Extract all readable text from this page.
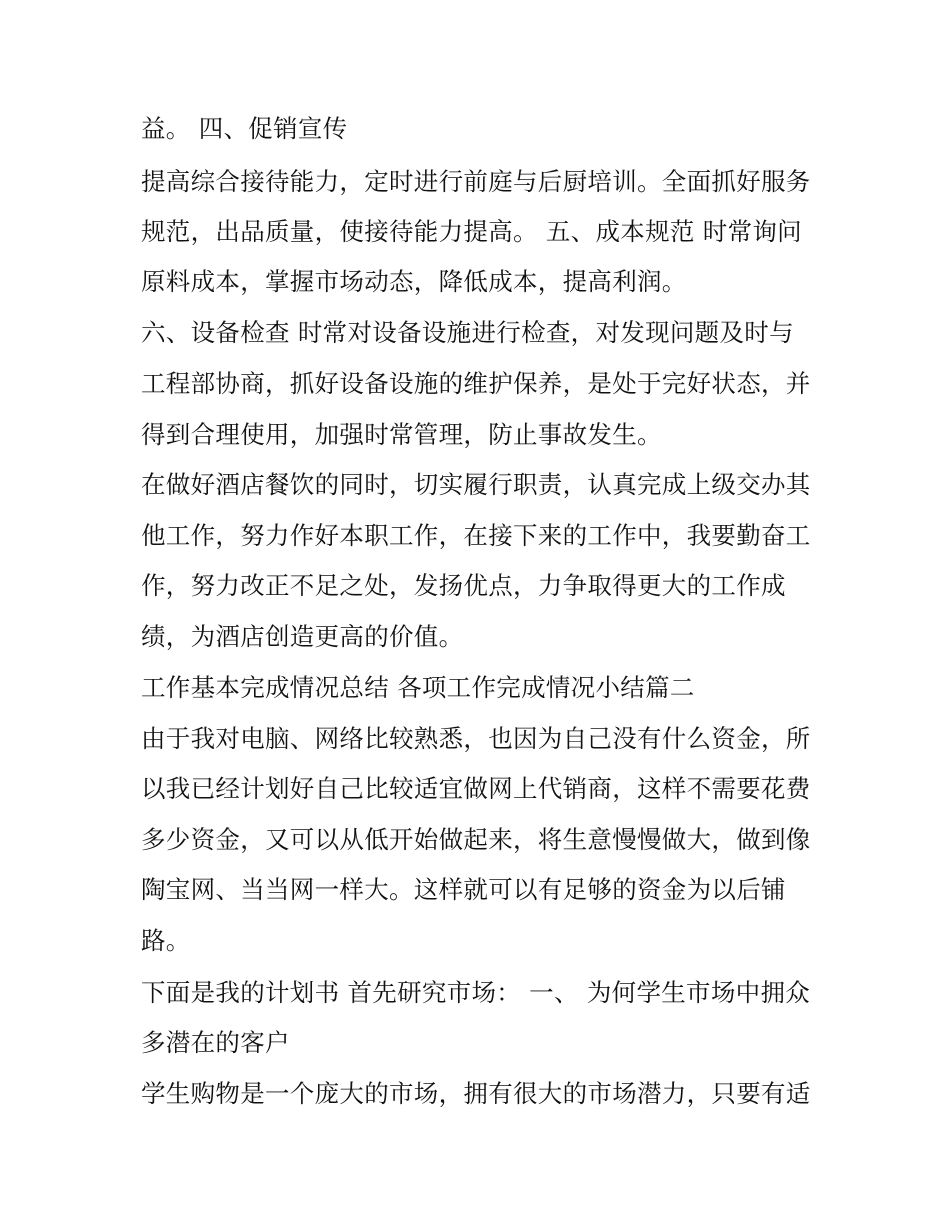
益。 四、促销宣传

提高综合接待能力，定时进行前庭与后厨培训。全面抓好服务

规范，出品质量，使接待能力提高。 五、成本规范 时常询问

原料成本，掌握市场动态，降低成本，提高利润。

六、设备检查 时常对设备设施进行检查，对发现问题及时与

工程部协商，抓好设备设施的维护保养，是处于完好状态，并

得到合理使用，加强时常管理，防止事故发生。

在做好酒店餐饮的同时，切实履行职责，认真完成上级交办其

他工作，努力作好本职工作，在接下来的工作中，我要勤奋工

作，努力改正不足之处，发扬优点，力争取得更大的工作成

绩，为酒店创造更高的价值。

工作基本完成情况总结 各项工作完成情况小结篇二

由于我对电脑、网络比较熟悉，也因为自己没有什么资金，所

以我已经计划好自己比较适宜做网上代销商，这样不需要花费

多少资金，又可以从低开始做起来，将生意慢慢做大，做到像

陶宝网、当当网一样大。这样就可以有足够的资金为以后铺

路。

下面是我的计划书 首先研究市场： 一、 为何学生市场中拥众

多潜在的客户

学生购物是一个庞大的市场，拥有很大的市场潜力，只要有适
